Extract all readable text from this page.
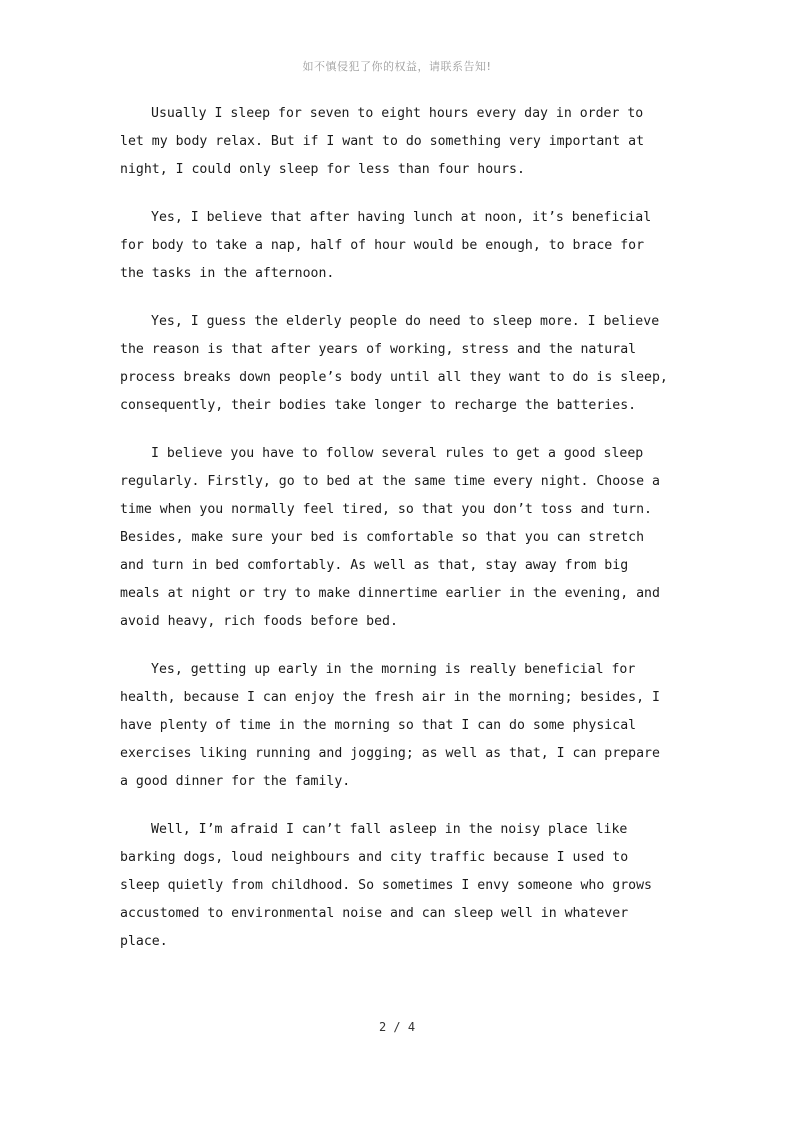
如不慎侵犯了你的权益，请联系告知!

Usually I sleep for seven to eight hours every day in order to let my body relax. But if I want to do something very important at night, I could only sleep for less than four hours.

Yes, I believe that after having lunch at noon, it’s beneficial for body to take a nap, half of hour would be enough, to brace for the tasks in the afternoon.

Yes, I guess the elderly people do need to sleep more. I believe the reason is that after years of working, stress and the natural process breaks down people’s body until all they want to do is sleep, consequently, their bodies take longer to recharge the batteries.

I believe you have to follow several rules to get a good sleep regularly. Firstly, go to bed at the same time every night. Choose a time when you normally feel tired, so that you don’t toss and turn. Besides, make sure your bed is comfortable so that you can stretch and turn in bed comfortably. As well as that, stay away from big meals at night or try to make dinnertime earlier in the evening, and avoid heavy, rich foods before bed.

Yes, getting up early in the morning is really beneficial for health, because I can enjoy the fresh air in the morning; besides, I have plenty of time in the morning so that I can do some physical exercises liking running and jogging; as well as that, I can prepare a good dinner for the family.

Well, I’m afraid I can’t fall asleep in the noisy place like barking dogs, loud neighbours and city traffic because I used to sleep quietly from childhood. So sometimes I envy someone who grows accustomed to environmental noise and can sleep well in whatever place.

2 / 4
